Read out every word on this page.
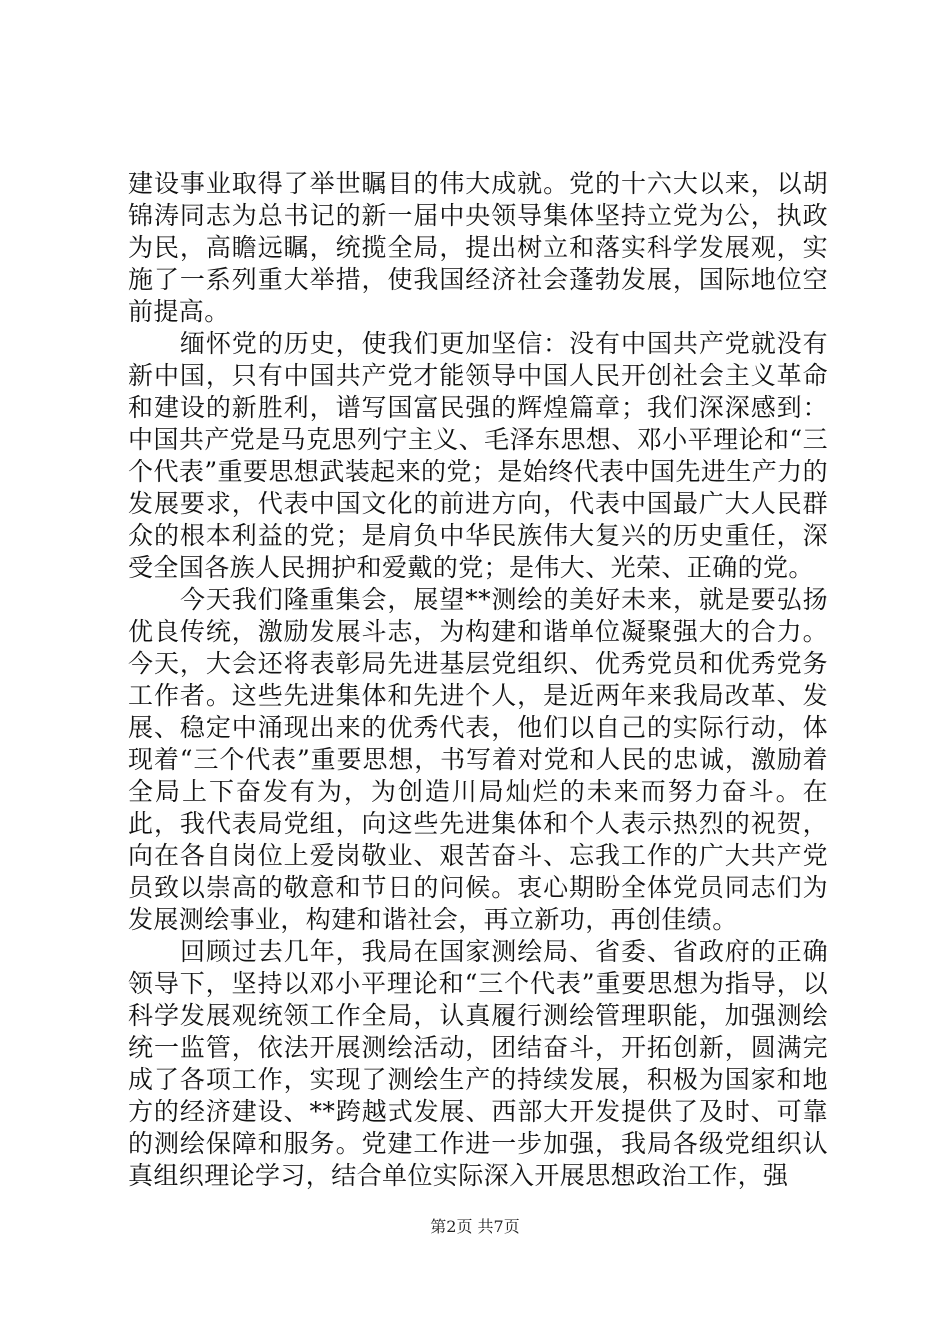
建设事业取得了举世瞩目的伟大成就。党的十六大以来，以胡锦涛同志为总书记的新一届中央领导集体坚持立党为公，执政为民，高瞻远瞩，统揽全局，提出树立和落实科学发展观，实施了一系列重大举措，使我国经济社会蓬勃发展，国际地位空前提高。

缅怀党的历史，使我们更加坚信：没有中国共产党就没有新中国，只有中国共产党才能领导中国人民开创社会主义革命和建设的新胜利，谱写国富民强的辉煌篇章；我们深深感到：中国共产党是马克思列宁主义、毛泽东思想、邓小平理论和“三个代表”重要思想武装起来的党；是始终代表中国先进生产力的发展要求，代表中国文化的前进方向，代表中国最广大人民群众的根本利益的党；是肩负中华民族伟大复兴的历史重任，深受全国各族人民拥护和爱戴的党；是伟大、光荣、正确的党。

今天我们隆重集会，展望**测绘的美好未来，就是要弘扬优良传统，激励发展斗志，为构建和谐单位凝聚强大的合力。今天，大会还将表彰局先进基层党组织、优秀党员和优秀党务工作者。这些先进集体和先进个人，是近两年来我局改革、发展、稳定中涌现出来的优秀代表，他们以自己的实际行动，体现着“三个代表”重要思想，书写着对党和人民的忠诚，激励着全局上下奋发有为，为创造川局灿烂的未来而努力奋斗。在此，我代表局党组，向这些先进集体和个人表示热烈的祝贺，向在各自岗位上爱岗敬业、艰苦奋斗、忘我工作的广大共产党员致以崇高的敬意和节日的问候。衷心期盼全体党员同志们为发展测绘事业，构建和谐社会，再立新功，再创佳绩。

回顾过去几年，我局在国家测绘局、省委、省政府的正确领导下，坚持以邓小平理论和“三个代表”重要思想为指导，以科学发展观统领工作全局，认真履行测绘管理职能，加强测绘统一监管，依法开展测绘活动，团结奋斗，开拓创新，圆满完成了各项工作，实现了测绘生产的持续发展，积极为国家和地方的经济建设、**跨越式发展、西部大开发提供了及时、可靠的测绘保障和服务。党建工作进一步加强，我局各级党组织认真组织理论学习，结合单位实际深入开展思想政治工作，强

第2页 共7页
